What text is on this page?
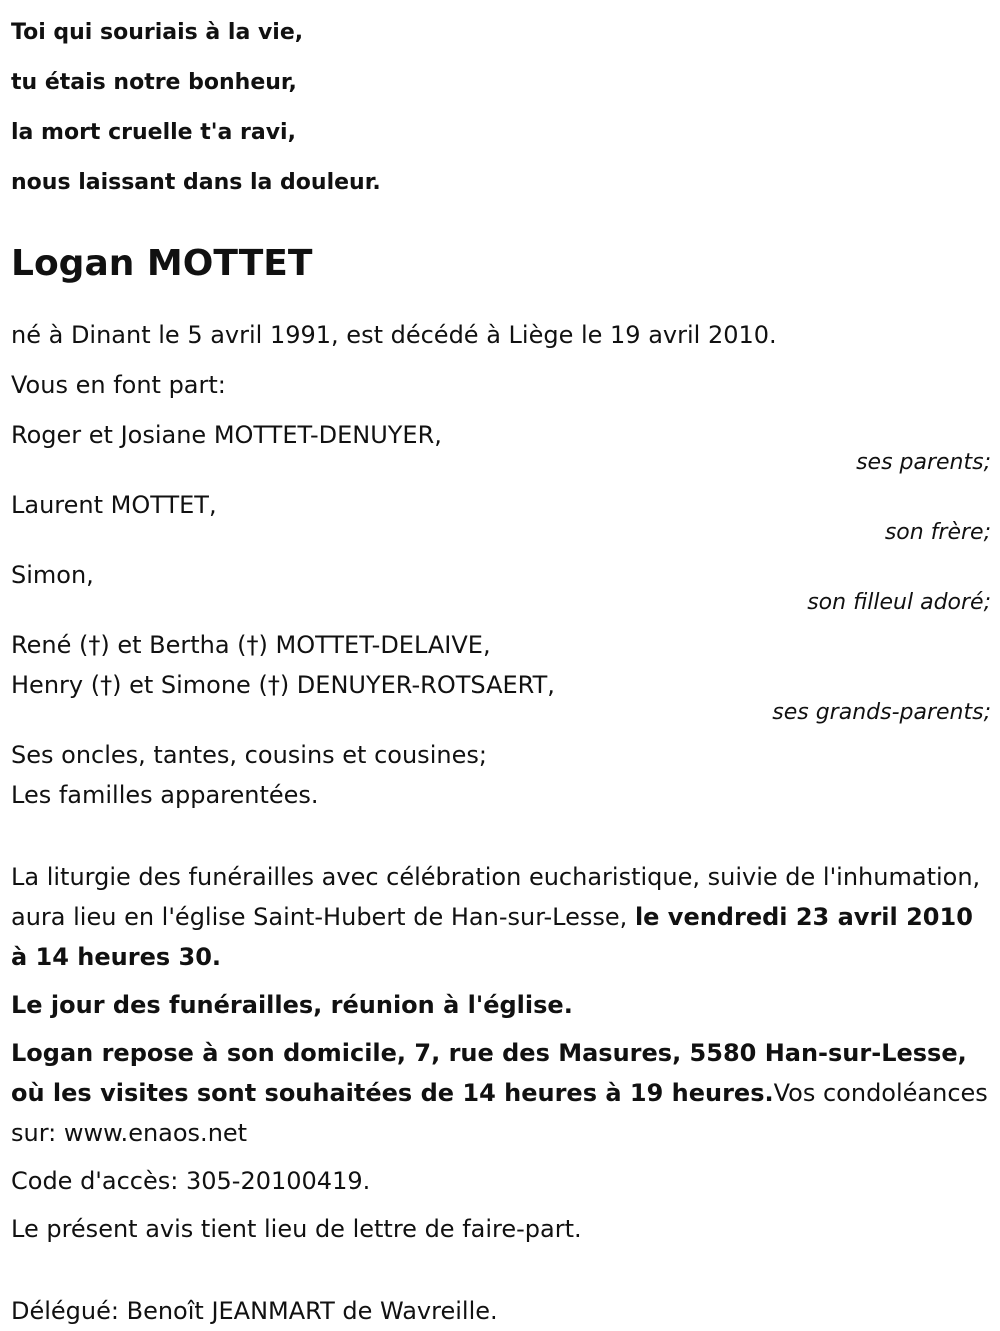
Toi qui souriais à la vie,
tu étais notre bonheur,
la mort cruelle t'a ravi,
nous laissant dans la douleur.
Logan MOTTET

né à Dinant le 5 avril 1991, est décédé à Liège le 19 avril 2010.

Vous en font part:

Roger et Josiane MOTTET-DENUYER,

ses parents;

Laurent MOTTET,

son frère;

Simon,

son filleul adoré;

René (†) et Bertha (†) MOTTET-DELAIVE,

Henry (†) et Simone (†) DENUYER-ROTSAERT,

ses grands-parents;

Ses oncles, tantes, cousins et cousines;

Les familles apparentées.

La liturgie des funérailles avec célébration eucharistique, suivie de l'inhumation, aura lieu en l'église Saint-Hubert de Han-sur-Lesse, le vendredi 23 avril 2010 à 14 heures 30.

Le jour des funérailles, réunion à l'église.

Logan repose à son domicile, 7, rue des Masures, 5580 Han-sur-Lesse, où les visites sont souhaitées de 14 heures à 19 heures.Vos condoléances sur: www.enaos.net

Code d'accès: 305-20100419.

Le présent avis tient lieu de lettre de faire-part.

Délégué: Benoît JEANMART de Wavreille.
